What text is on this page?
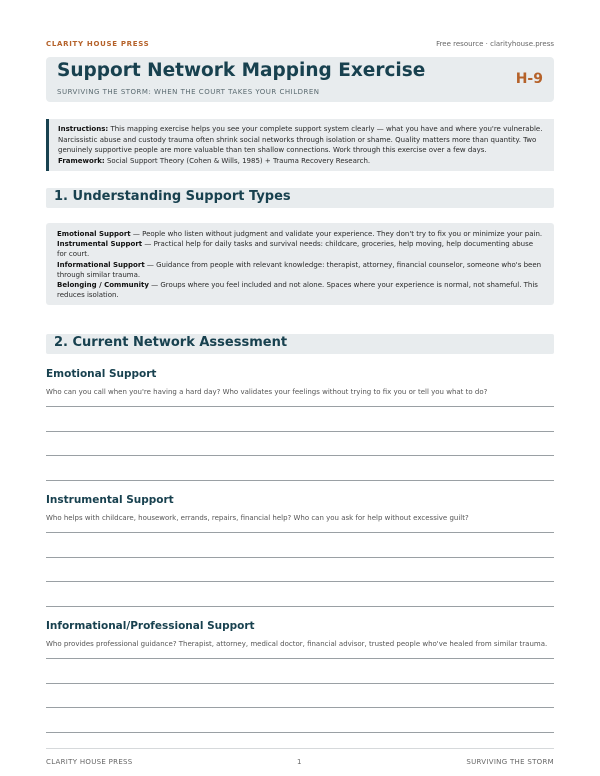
CLARITY HOUSE PRESS	Free resource · clarityhouse.press
Support Network Mapping Exercise
SURVIVING THE STORM: WHEN THE COURT TAKES YOUR CHILDREN
H-9
Instructions: This mapping exercise helps you see your complete support system clearly — what you have and where you're vulnerable. Narcissistic abuse and custody trauma often shrink social networks through isolation or shame. Quality matters more than quantity. Two genuinely supportive people are more valuable than ten shallow connections. Work through this exercise over a few days.
Framework: Social Support Theory (Cohen & Wills, 1985) + Trauma Recovery Research.
1. Understanding Support Types

Emotional Support — People who listen without judgment and validate your experience. They don't try to fix you or minimize your pain.

Instrumental Support — Practical help for daily tasks and survival needs: childcare, groceries, help moving, help documenting abuse for court.

Informational Support — Guidance from people with relevant knowledge: therapist, attorney, financial counselor, someone who's been through similar trauma.

Belonging / Community — Groups where you feel included and not alone. Spaces where your experience is normal, not shameful. This reduces isolation.

2. Current Network Assessment
Emotional Support
Who can you call when you're having a hard day? Who validates your feelings without trying to fix you or tell you what to do?
Instrumental Support
Who helps with childcare, housework, errands, repairs, financial help? Who can you ask for help without excessive guilt?
Informational/Professional Support
Who provides professional guidance? Therapist, attorney, medical doctor, financial advisor, trusted people who've healed from similar trauma.
CLARITY HOUSE PRESS	1	SURVIVING THE STORM
